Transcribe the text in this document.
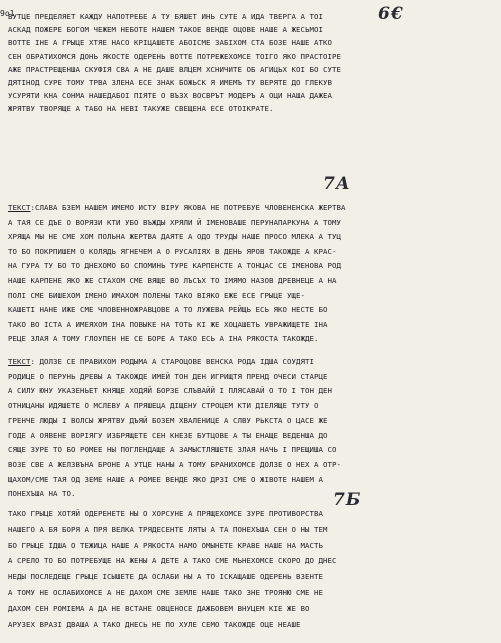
9o1	6€
БУТЦЕ ПРЕДЕЛЯЕТ КАЖДУ НАПОТРЕБЕ А ТУ БЯШЕТ ИНЬ СУТЕ А ИДА ТВЕРГА А ТОІ
АСКАД ПОЖЕРЕ БОГОМ ЧЕЖЕМ НЕБОТЕ НАШЕМ ТАКОЕ ВЕНДЕ ОЦОВЕ НАШЕ А ЖЕСЬМОІ
ВОТТЕ ІНЕ А ГРЫЦЕ ХТЯЕ НАСО КРІЦАШЕТЕ АБОІСМЕ ЗАБІХОМ СТА БОЗЕ НАШЕ АТКО
СЕН ОБРАТИХОМСЯ ДОНЬ ЯКОСТЕ ОДЕРЕНЬ ВОТТЕ ПОТРЕЖЕХОМСЕ ТОІГО ЯКО ПРАСТОІРЕ
АЖЕ ПРАСТРЕЩЕНША СКУФІЯ СВА А НЕ ДАШЕ ВЛЦЕМ ХСНИЧИТЕ ОБ АГИЦЬХ КОІ БО СУТЕ
ДЯТІНОД СУРЕ ТОМУ ТРВА ЗЛЕНА ЕСЕ ЗНАК БОЖЬСК Я ИМЕМЪ ТУ ВЕРЯТЕ ДО ГЛЕКУВ
УСУРЯТИ КНА СОНМА НАШЕДАБОІ ПІЯТЕ О ВЪЗХ ВОСВРЪТ МОДЕРЪ А ОЦИ НАША ДАЖЕА
ЖРЯТВУ ТВОРЯЩЕ А ТАБО НА НЕВІ ТАКУЖЕ СВЕЩЕНА ЕСЕ ОТОІКРАТЕ.
7А
ТЕКСТ:СЛАВА БЗЕМ НАШЕМ ИМЕМО ИСТУ ВІРУ ЯКОВА НЕ ПОТРЕБУЕ ЧЛОВЕНЕНСКА ЖЕРТВА
А ТАЯ СЕ ДЪЕ О ВОРЯЗИ КТИ УБО ВЪЖДЫ ХРЯЛИ Й ІМЕНОВАШЕ ПЕРУНАПАРКУНА А ТОМУ
ХРЯЩА МЫ НЕ СМЕ ХОМ ПОЛЬНА ЖЕРТВА ДАЯТЕ А ОДО ТРУДЫ НАШЕ ПРОСО МЛЕКА А ТУЦ
ТО БО ПОКРПИШЕМ О КОЛЯДЬ ЯГНЕЧЕМ А О РУСАЛІЯХ В ДЕНЬ ЯРОВ ТАКОЖДЕ А КРАС-
НА ГУРА ТУ БО ТО ДНЕХОМО БО СПОМИНЬ ТУРЕ КАРПЕНСТЕ А ТОНЦАС СЕ ІМЕНОВА РОД
НАШЕ КАРПЕНЕ ЯКО ЖЕ СТАХОМ СМЕ ВЯЩЕ ВО ЛЪСЪХ ТО ІМЯМО НАЗОВ ДРЕВНЕЦЕ А НА
ПОЛІ СМЕ БИШЕХОМ ІМЕНО ИМАХОМ ПОЛЕНЫ ТАКО ВІЯКО ЕЖЕ ЕСЕ ГРЫЦЕ УЩЕ-
КАШЕТІ НАНЕ ИЖЕ СМЕ ЧЛОВЕННОЖРАВЦОВЕ А ТО ЛУЖЕВА РЕЙЩЬ ЕСЬ ЯКО НЕСТЕ БО
ТАКО ВО ІСТА А ИМЕЯХОМ ІНА ПОВЫКЕ НА ТОТЬ КІ ЖЕ ХОЦАШЕТЬ УВРАЖИЩЕТЕ ІНА
РЕЦЕ ЗЛАЯ А ТОМУ ГЛОУПЕН НЕ СЕ БОРЕ А ТАКО ЕСЬ А ІНА РЯКОСТА ТАКОЖДЕ.
ТЕКСТ: ДОЛЗЕ СЕ ПРАВИХОМ РОДЫМА А СТАРОЦОВЕ ВЕНСКА РОДА ІДША СОУДЯТІ
РОДИЦЕ О ПЕРУНЬ ДРЕВЫ А ТАКОЖДЕ ИМЕЙ ТОН ДЕН ИГРИЩТЯ ПРЕНД ОЧЕСИ СТАРЦЕ
А СИЛУ ЮНУ УКАЗЕНЬЕТ КНЯЩЕ ХОДЯЙ БОРЗЕ СЛЪВАЙЙ І ПЛЯСАВАЙ О ТО І ТОН ДЕН
ОТНИЦАНЫ ИДЯШЕТЕ О МСЛЕВУ А ПРЯШЕЦА ДІЩЕНУ СТРОЦЕМ КТИ ДІЕЛЯЩЕ ТУТУ О
ГРЕНЧЕ ЛЮДЫ І ВОЛСЫ ЖРЯТВУ ДЪЯЙ БОЗЕМ ХВАЛЕНИЦЕ А СЛВУ РЬКСТА О ЦАСЕ ЖЕ
ГОДЕ А ОЯВЕНЕ ВОРІЯГУ ИЗБРЯЩЕТЕ СЕН КНЕЗЕ БУТЦОВЕ А ТЫ ЕНАЩЕ ВЕДЕНША ДО
СЯЩЕ ЗУРЕ ТО БО РОМЕЕ НЫ ПОГЛЕНДАЩЕ А ЗАМЫСТЛЯШЕТЕ ЗЛАЯ НАЧЬ І ПРЕЩИША СО
ВОЗЕ СВЕ А ЖЕЛЗВЪНА БРОНЕ А УТЦЕ НАНЫ А ТОМУ БРАНИХОМСЕ ДОЛЗЕ О НЕХ А ОТР-
ЩАХОМ/СМЕ ТАЯ ОД ЗЕМЕ НАШЕ А РОМЕЕ ВЕНДЕ ЯКО ДРЗІ СМЕ О ЖІВОТЕ НАШЕМ А
ПОНЕХЪША НА ТО.	7Б
ТАКО ГРЫЦЕ ХОТЯЙ ОДЕРЕНЕТЕ НЫ О ХОРСУНЕ А ПРЯЩЕХОМСЕ ЗУРЕ ПРОТИВОРСТВА
НАШЕГО А БЯ БОРЯ А ПРЯ ВЕЛКА ТРЯДЕСЕНТЕ ЛЯТЫ А ТА ПОНЕХЪША СЕН О НЫ ТЕМ
БО ГРЫЦЕ ІДША О ТЕЖИЦА НАШЕ А РЯКОСТА НАМО ОМЫНЕТЕ КРАВЕ НАШЕ НА МАСТЬ
А СРЕЛО ТО БО ПОТРЕБУЩЕ НА ЖЕНЫ А ДЕТЕ А ТАКО СМЕ МЬНЕХОМСЕ СКОРО ДО ДНЕС
НЕДЫ ПОСЛЕДЕЩЕ ГРЫЦЕ ІСЫШЕТЕ ДА ОСЛАБИ НЫ А ТО ІСКАЩАШЕ ОДЕРЕНЬ ВЗЕНТЕ
А ТОМУ НЕ ОСЛАБИХОМСЕ А НЕ ДАХОМ СМЕ ЗЕМЛЕ НАШЕ ТАКО ЗНЕ ТРОЯНЮ СМЕ НЕ
ДАХОМ СЕН РОМІЕМА А ДА НЕ ВСТАНЕ ОВЦЕНОСЕ ДАЖБОВЕМ ВНУЦЕМ КІЕ ЖЕ ВО
АРУЗЕХ ВРАЗІ ДВАША А ТАКО ДНЕСЬ НЕ ПО ХУЛЕ СЕМО ТАКОЖДЕ ОЦЕ НЕАШЕ
